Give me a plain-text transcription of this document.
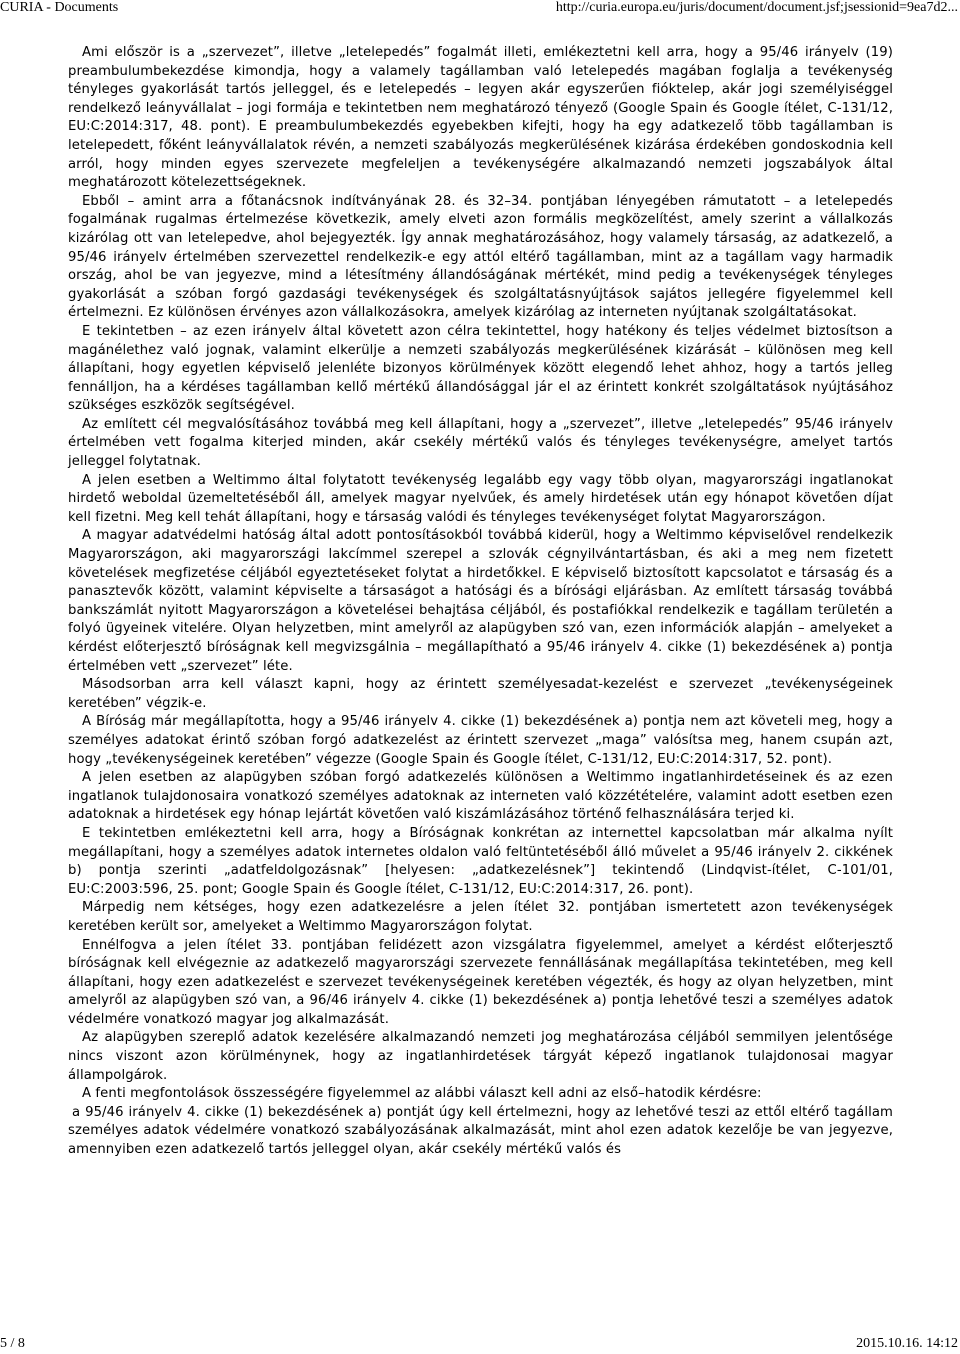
CURIA - Documents	http://curia.europa.eu/juris/document/document.jsf;jsessionid=9ea7d2...

Ami először is a „szervezet”, illetve „letelepedés” fogalmát illeti, emlékeztetni kell arra, hogy a 95/46 irányelv (19) preambulumbekezdése kimondja, hogy a valamely tagállamban való letelepedés magában foglalja a tevékenység tényleges gyakorlását tartós jelleggel, és e letelepedés – legyen akár egyszerűen fióktelep, akár jogi személyiséggel rendelkező leányvállalat – jogi formája e tekintetben nem meghatározó tényező (Google Spain és Google ítélet, C‑131/12, EU:C:2014:317, 48. pont). E preambulumbekezdés egyebekben kifejti, hogy ha egy adatkezelő több tagállamban is letelepedett, főként leányvállalatok révén, a nemzeti szabályozás megkerülésének kizárása érdekében gondoskodnia kell arról, hogy minden egyes szervezete megfeleljen a tevékenységére alkalmazandó nemzeti jogszabályok által meghatározott kötelezettségeknek.

Ebből – amint arra a főtanácsnok indítványának 28. és 32–34. pontjában lényegében rámutatott – a letelepedés fogalmának rugalmas értelmezése következik, amely elveti azon formális megközelítést, amely szerint a vállalkozás kizárólag ott van letelepedve, ahol bejegyezték. Így annak meghatározásához, hogy valamely társaság, az adatkezelő, a 95/46 irányelv értelmében szervezettel rendelkezik‑e egy attól eltérő tagállamban, mint az a tagállam vagy harmadik ország, ahol be van jegyezve, mind a létesítmény állandóságának mértékét, mind pedig a tevékenységek tényleges gyakorlását a szóban forgó gazdasági tevékenységek és szolgáltatásnyújtások sajátos jellegére figyelemmel kell értelmezni. Ez különösen érvényes azon vállalkozásokra, amelyek kizárólag az interneten nyújtanak szolgáltatásokat.

E tekintetben – az ezen irányelv által követett azon célra tekintettel, hogy hatékony és teljes védelmet biztosítson a magánélethez való jognak, valamint elkerülje a nemzeti szabályozás megkerülésének kizárását – különösen meg kell állapítani, hogy egyetlen képviselő jelenléte bizonyos körülmények között elegendő lehet ahhoz, hogy a tartós jelleg fennálljon, ha a kérdéses tagállamban kellő mértékű állandósággal jár el az érintett konkrét szolgáltatások nyújtásához szükséges eszközök segítségével.

Az említett cél megvalósításához továbbá meg kell állapítani, hogy a „szervezet”, illetve „letelepedés” 95/46 irányelv értelmében vett fogalma kiterjed minden, akár csekély mértékű valós és tényleges tevékenységre, amelyet tartós jelleggel folytatnak.

A jelen esetben a Weltimmo által folytatott tevékenység legalább egy vagy több olyan, magyarországi ingatlanokat hirdető weboldal üzemeltetéséből áll, amelyek magyar nyelvűek, és amely hirdetések után egy hónapot követően díjat kell fizetni. Meg kell tehát állapítani, hogy e társaság valódi és tényleges tevékenységet folytat Magyarországon.

A magyar adatvédelmi hatóság által adott pontosításokból továbbá kiderül, hogy a Weltimmo képviselővel rendelkezik Magyarországon, aki magyarországi lakcímmel szerepel a szlovák cégnyilvántartásban, és aki a meg nem fizetett követelések megfizetése céljából egyeztetéseket folytat a hirdetőkkel. E képviselő biztosított kapcsolatot e társaság és a panasztevők között, valamint képviselte a társaságot a hatósági és a bírósági eljárásban. Az említett társaság továbbá bankszámlát nyitott Magyarországon a követelései behajtása céljából, és postafiókkal rendelkezik e tagállam területén a folyó ügyeinek vitelére. Olyan helyzetben, mint amelyről az alapügyben szó van, ezen információk alapján – amelyeket a kérdést előterjesztő bíróságnak kell megvizsgálnia – megállapítható a 95/46 irányelv 4. cikke (1) bekezdésének a) pontja értelmében vett „szervezet” léte.

Másodsorban arra kell választ kapni, hogy az érintett személyesadat‑kezelést e szervezet „tevékenységeinek keretében” végzik‑e.

A Bíróság már megállapította, hogy a 95/46 irányelv 4. cikke (1) bekezdésének a) pontja nem azt követeli meg, hogy a személyes adatokat érintő szóban forgó adatkezelést az érintett szervezet „maga” valósítsa meg, hanem csupán azt, hogy „tevékenységeinek keretében” végezze (Google Spain és Google ítélet, C‑131/12, EU:C:2014:317, 52. pont).

A jelen esetben az alapügyben szóban forgó adatkezelés különösen a Weltimmo ingatlanhirdetéseinek és az ezen ingatlanok tulajdonosaira vonatkozó személyes adatoknak az interneten való közzétételére, valamint adott esetben ezen adatoknak a hirdetések egy hónap lejártát követően való kiszámlázásához történő felhasználására terjed ki.

E tekintetben emlékeztetni kell arra, hogy a Bíróságnak konkrétan az internettel kapcsolatban már alkalma nyílt megállapítani, hogy a személyes adatok internetes oldalon való feltüntetéséből álló művelet a 95/46 irányelv 2. cikkének b) pontja szerinti „adatfeldolgozásnak” [helyesen: „adatkezelésnek”] tekintendő (Lindqvist‑ítélet, C‑101/01, EU:C:2003:596, 25. pont; Google Spain és Google ítélet, C‑131/12, EU:C:2014:317, 26. pont).

Márpedig nem kétséges, hogy ezen adatkezelésre a jelen ítélet 32. pontjában ismertetett azon tevékenységek keretében került sor, amelyeket a Weltimmo Magyarországon folytat.

Ennélfogva a jelen ítélet 33. pontjában felidézett azon vizsgálatra figyelemmel, amelyet a kérdést előterjesztő bíróságnak kell elvégeznie az adatkezelő magyarországi szervezete fennállásának megállapítása tekintetében, meg kell állapítani, hogy ezen adatkezelést e szervezet tevékenységeinek keretében végezték, és hogy az olyan helyzetben, mint amelyről az alapügyben szó van, a 96/46 irányelv 4. cikke (1) bekezdésének a) pontja lehetővé teszi a személyes adatok védelmére vonatkozó magyar jog alkalmazását.

Az alapügyben szereplő adatok kezelésére alkalmazandó nemzeti jog meghatározása céljából semmilyen jelentősége nincs viszont azon körülménynek, hogy az ingatlanhirdetések tárgyát képező ingatlanok tulajdonosai magyar állampolgárok.

A fenti megfontolások összességére figyelemmel az alábbi választ kell adni az első–hatodik kérdésre:

a 95/46 irányelv 4. cikke (1) bekezdésének a) pontját úgy kell értelmezni, hogy az lehetővé teszi az ettől eltérő tagállam személyes adatok védelmére vonatkozó szabályozásának alkalmazását, mint ahol ezen adatok kezelője be van jegyezve, amennyiben ezen adatkezelő tartós jelleggel olyan, akár csekély mértékű valós és

5 / 8	2015.10.16. 14:12
